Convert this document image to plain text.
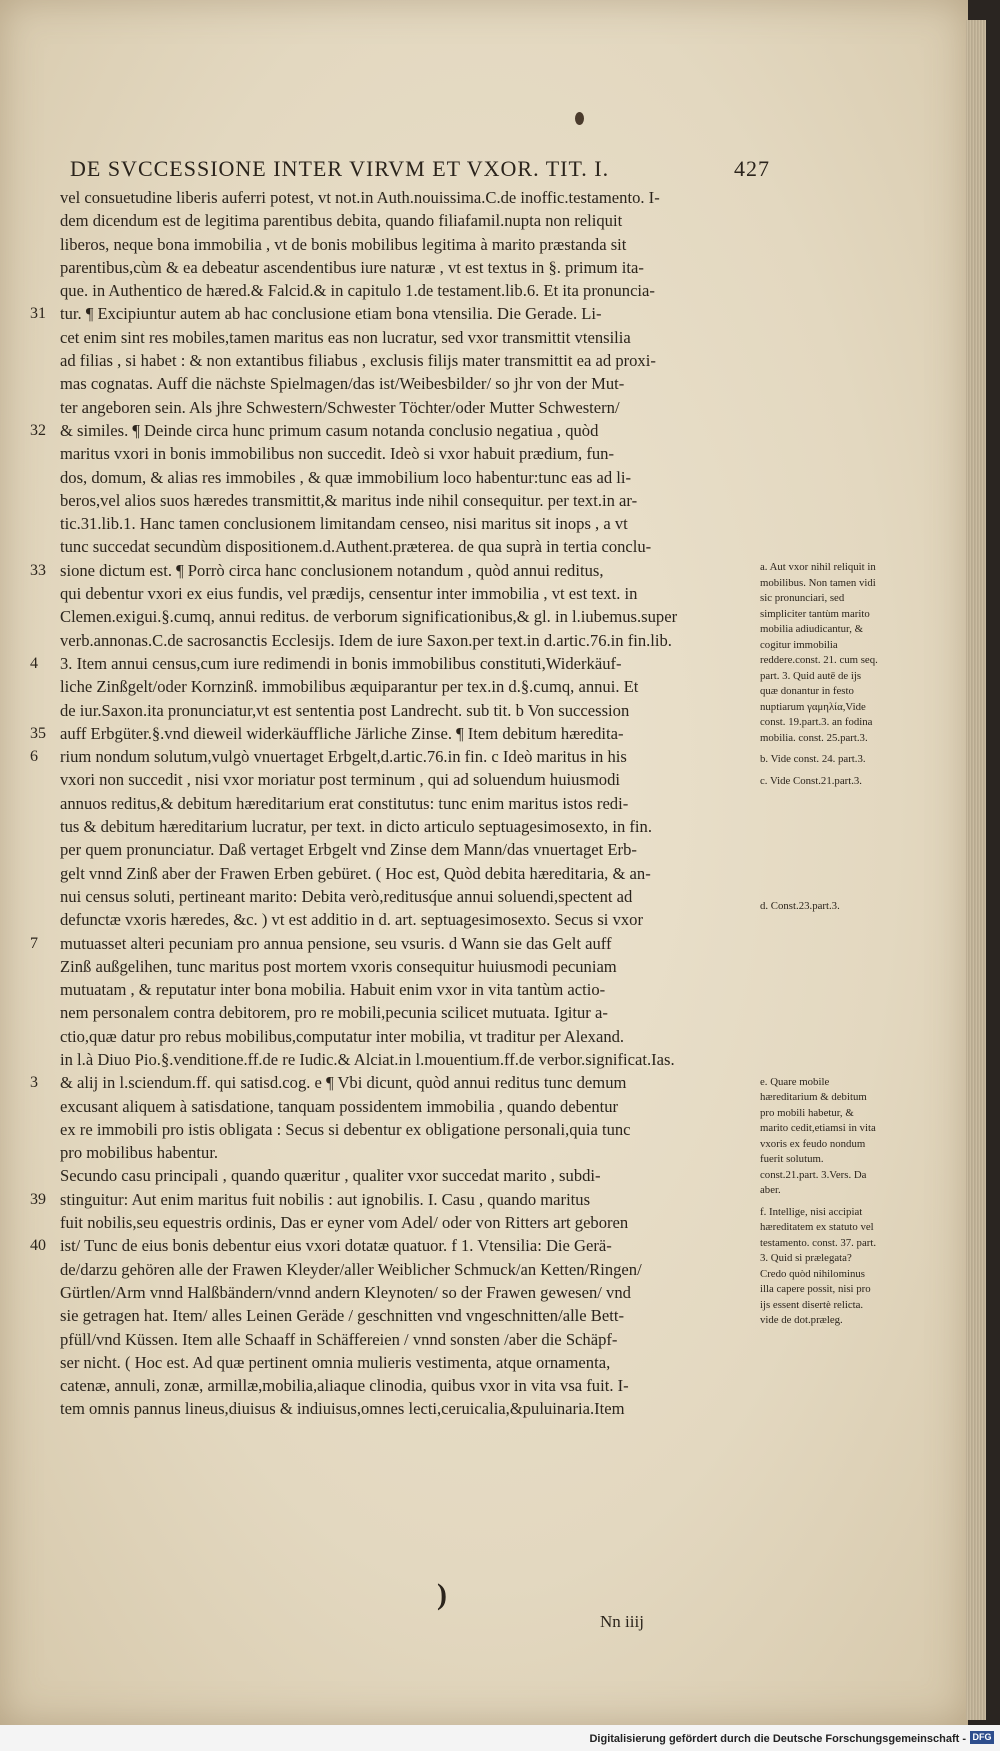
DE SVCCESSIONE INTER VIRVM ET VXOR. TIT. I.	427
vel consuetudine liberis auferri potest, vt not.in Auth.nouissima.C.de inoffic.testamento. I-
dem dicendum est de legitima parentibus debita, quando filiafamil.nupta non reliquit
liberos, neque bona immobilia , vt de bonis mobilibus legitima à marito præstanda sit
parentibus,cùm & ea debeatur ascendentibus iure naturæ , vt est textus in §. primum ita-
que. in Authentico de hæred.& Falcid.& in capitulo 1.de testament.lib.6. Et ita pronuncia-
31 tur. ¶ Excipiuntur autem ab hac conclusione etiam bona vtensilia. Die Gerade. Li-
cet enim sint res mobiles,tamen maritus eas non lucratur, sed vxor transmittit vtensilia
ad filias , si habet : & non extantibus filiabus , exclusis filijs mater transmittit ea ad proxi-
mas cognatas. Auff die nächste Spielmagen/das ist/Weibesbilder/ so jhr von der Mut-
ter angeboren sein. Als jhre Schwestern/Schwester Töchter/oder Mutter Schwestern/
32 & similes. ¶ Deinde circa hunc primum casum notanda conclusio negatiua , quòd
maritus vxori in bonis immobilibus non succedit. Ideò si vxor habuit prædium, fun-
dos, domum, & alias res immobiles , & quæ immobilium loco habentur:tunc eas ad li-
beros,vel alios suos hæredes transmittit,& maritus inde nihil consequitur. per text.in ar-
tic.31.lib.1. Hanc tamen conclusionem limitandam censeo, nisi maritus sit inops , a vt
tunc succedat secundùm dispositionem.d.Authent.præterea. de qua suprà in tertia conclu-
33 sione dictum est. ¶ Porrò circa hanc conclusionem notandum , quòd annui reditus,
qui debentur vxori ex eius fundis, vel prædijs, censentur inter immobilia , vt est text. in
Clemen.exigui.§.cumq, annui reditus. de verborum significationibus,& gl. in l.iubemus.super
verb.annonas.C.de sacrosanctis Ecclesijs. Idem de iure Saxon.per text.in d.artic.76.in fin.lib.
4 3. Item annui census,cum iure redimendi in bonis immobilibus constituti,Widerkäuf-
liche Zinßgelt/oder Kornzinß. immobilibus æquiparantur per tex.in d.§.cumq, annui. Et
de iur.Saxon.ita pronunciatur,vt est sententia post Landrecht. sub tit. b Von succession
35 auff Erbgüter.§.vnd dieweil widerkäuffliche Järliche Zinse. ¶ Item debitum hæredita-
6 rium nondum solutum,vulgò vnuertaget Erbgelt,d.artic.76.in fin. c Ideò maritus in his
vxori non succedit , nisi vxor moriatur post terminum , qui ad soluendum huiusmodi
annuos reditus,& debitum hæreditarium erat constitutus: tunc enim maritus istos redi-
tus & debitum hæreditarium lucratur, per text. in dicto articulo septuagesimosexto, in fin.
per quem pronunciatur. Daß vertaget Erbgelt vnd Zinse dem Mann/das vnuertaget Erb-
gelt vnnd Zinß aber der Frawen Erben gebüret. ( Hoc est, Quòd debita hæreditaria, & an-
nui census soluti, pertineant marito: Debita verò,reditusq́ue annui soluendi,spectent ad
defunctæ vxoris hæredes, &c. ) vt est additio in d. art. septuagesimosexto. Secus si vxor
7 mutuasset alteri pecuniam pro annua pensione, seu vsuris. d Wann sie das Gelt auff
Zinß außgelihen, tunc maritus post mortem vxoris consequitur huiusmodi pecuniam
mutuatam , & reputatur inter bona mobilia. Habuit enim vxor in vita tantùm actio-
nem personalem contra debitorem, pro re mobili,pecunia scilicet mutuata. Igitur a-
ctio,quæ datur pro rebus mobilibus,computatur inter mobilia, vt traditur per Alexand.
in l.à Diuo Pio.§.venditione.ff.de re Iudic.& Alciat.in l.mouentium.ff.de verbor.significat.Ias.
3 & alij in l.sciendum.ff. qui satisd.cog. e ¶ Vbi dicunt, quòd annui reditus tunc demum
excusant aliquem à satisdatione, tanquam possidentem immobilia , quando debentur
ex re immobili pro istis obligata : Secus si debentur ex obligatione personali,quia tunc
pro mobilibus habentur.
Secundo casu principali , quando quæritur , qualiter vxor succedat marito , subdi-
39 stinguitur: Aut enim maritus fuit nobilis : aut ignobilis. I. Casu , quando maritus
fuit nobilis,seu equestris ordinis, Das er eyner vom Adel/ oder von Ritters art geboren
40 ist/ Tunc de eius bonis debentur eius vxori dotatæ quatuor. f 1. Vtensilia: Die Gerä-
de/darzu gehören alle der Frawen Kleyder/aller Weiblicher Schmuck/an Ketten/Ringen/
Gürtlen/Arm vnnd Halßbändern/vnnd andern Kleynoten/ so der Frawen gewesen/ vnd
sie getragen hat. Item/ alles Leinen Geräde / geschnitten vnd vngeschnitten/alle Bett-
pfüll/vnd Küssen. Item alle Schaaff in Schäffereien / vnnd sonsten /aber die Schäpf-
ser nicht. ( Hoc est. Ad quæ pertinent omnia mulieris vestimenta, atque ornamenta,
catenæ, annuli, zonæ, armillæ,mobilia,aliaque clinodia, quibus vxor in vita vsa fuit. I-
tem omnis pannus lineus,diuisus & indiuisus,omnes lecti,ceruicalia,&puluinaria.Item
a. Aut vxor nihil reliquit in mobilibus. Non tamen vidi sic pronunciari, sed simpliciter tantùm marito mobilia adiudicantur, & cogitur immobilia reddere.const. 21. cum seq. part. 3. Quid autē de ijs quæ donantur in festo nuptiarum γαμηλία,Vide const. 19.part.3. an fodina mobilia. const. 25.part.3.
b. Vide const. 24. part.3.
c. Vide Const.21.part.3.
d. Const.23.part.3.
e. Quare mobile hæreditarium & debitum pro mobili habetur, & marito cedit,etiamsi in vita vxoris ex feudo nondum fuerit solutum. const.21.part. 3.Vers. Da aber.
f. Intellige, nisi accipiat hæreditatem ex statuto vel testamento. const. 37. part. 3. Quid si prælegata? Credo quòd nihilominus illa capere possit, nisi pro ijs essent disertè relicta. vide de dot.præleg.
Nn iiij
)
Digitalisierung gefördert durch die Deutsche Forschungsgemeinschaft - DFG
